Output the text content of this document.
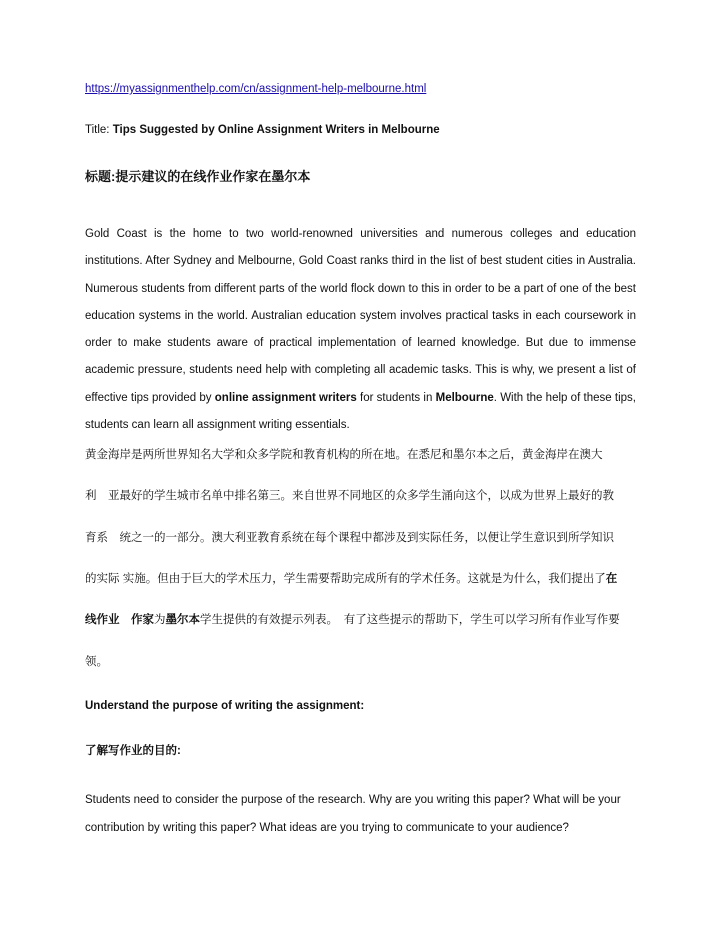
https://myassignmenthelp.com/cn/assignment-help-melbourne.html
Title: Tips Suggested by Online Assignment Writers in Melbourne
标题:提示建议的在线作业作家在墨尔本
Gold Coast is the home to two world-renowned universities and numerous colleges and education institutions. After Sydney and Melbourne, Gold Coast ranks third in the list of best student cities in Australia. Numerous students from different parts of the world flock down to this in order to be a part of one of the best education systems in the world. Australian education system involves practical tasks in each coursework in order to make students aware of practical implementation of learned knowledge. But due to immense academic pressure, students need help with completing all academic tasks. This is why, we present a list of effective tips provided by online assignment writers for students in Melbourne. With the help of these tips, students can learn all assignment writing essentials.
黄金海岸是两所世界知名大学和众多学院和教育机构的所在地。在悉尼和墨尔本之后，黄金海岸在澳大
利　亚最好的学生城市名单中排名第三。来自世界不同地区的众多学生涌向这个，以成为世界上最好的教
育系　统之一的一部分。澳大利亚教育系统在每个课程中都涉及到实际任务，以便让学生意识到所学知识
的实际 实施。但由于巨大的学术压力，学生需要帮助完成所有的学术任务。这就是为什么，我们提出了在
线作业　作家为墨尔本学生提供的有效提示列表。　有了这些提示的帮助下，学生可以学习所有作业写作要
领。
Understand the purpose of writing the assignment:
了解写作业的目的:
Students need to consider the purpose of the research. Why are you writing this paper? What will be your contribution by writing this paper? What ideas are you trying to communicate to your audience?
